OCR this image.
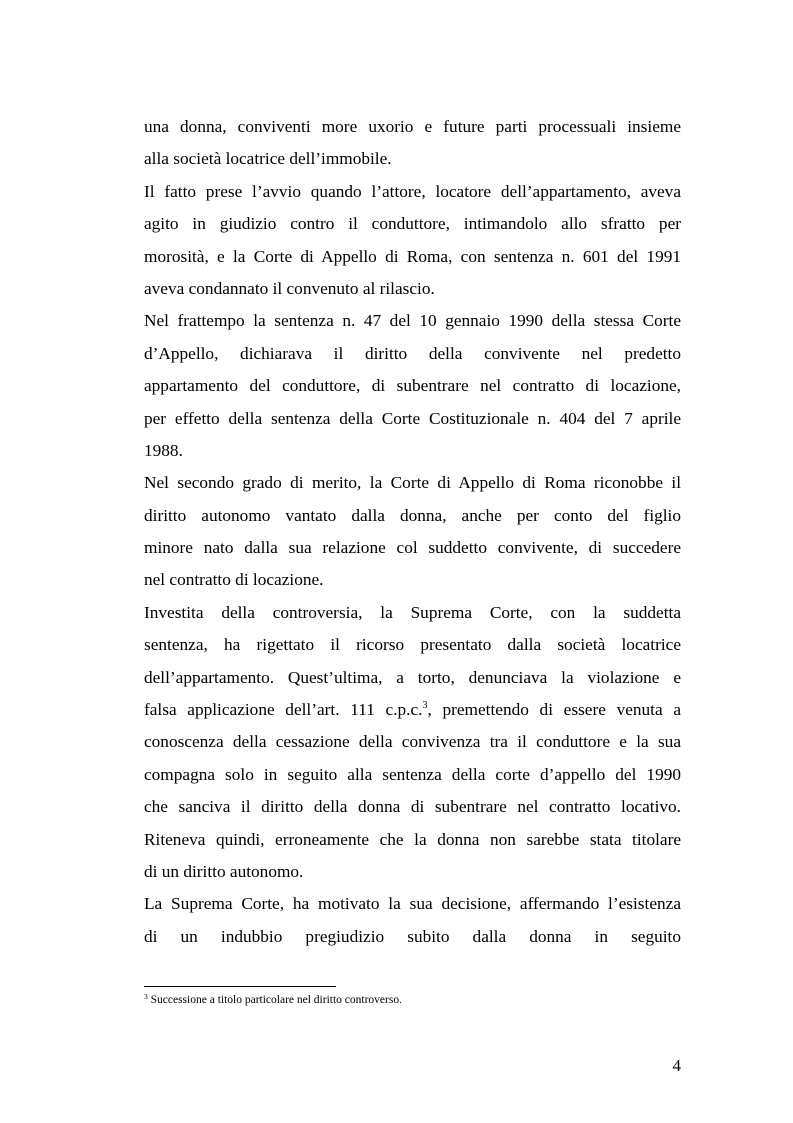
una donna, conviventi more uxorio e future parti processuali insieme
alla società locatrice dell’immobile.
Il fatto prese l’avvio quando l’attore, locatore dell’appartamento, aveva
agito in giudizio contro il conduttore, intimandolo allo sfratto per
morosità, e la Corte di Appello di Roma, con sentenza n. 601 del 1991
aveva condannato il convenuto al rilascio.
Nel frattempo la sentenza n. 47 del 10 gennaio 1990 della stessa Corte
d’Appello, dichiarava il diritto della convivente nel predetto
appartamento del conduttore, di subentrare nel contratto di locazione,
per effetto della sentenza della Corte Costituzionale n. 404 del 7 aprile
1988.
Nel secondo grado di merito, la Corte di Appello di Roma riconobbe il
diritto autonomo vantato dalla donna, anche per conto del figlio
minore nato dalla sua relazione col suddetto convivente, di succedere
nel contratto di locazione.
Investita della controversia, la Suprema Corte, con la suddetta
sentenza, ha rigettato il ricorso presentato dalla società locatrice
dell’appartamento. Quest’ultima, a torto, denunciava la violazione e
falsa applicazione dell’art. 111 c.p.c.$^3$, premettendo di essere venuta a
conoscenza della cessazione della convivenza tra il conduttore e la sua
compagna solo in seguito alla sentenza della corte d’appello del 1990
che sanciva il diritto della donna di subentrare nel contratto locativo.
Riteneva quindi, erroneamente che la donna non sarebbe stata titolare
di un diritto autonomo.
La Suprema Corte, ha motivato la sua decisione, affermando l’esistenza
di un indubbio pregiudizio subito dalla donna in seguito
$^3$ Successione a titolo particolare nel diritto controverso.
4
